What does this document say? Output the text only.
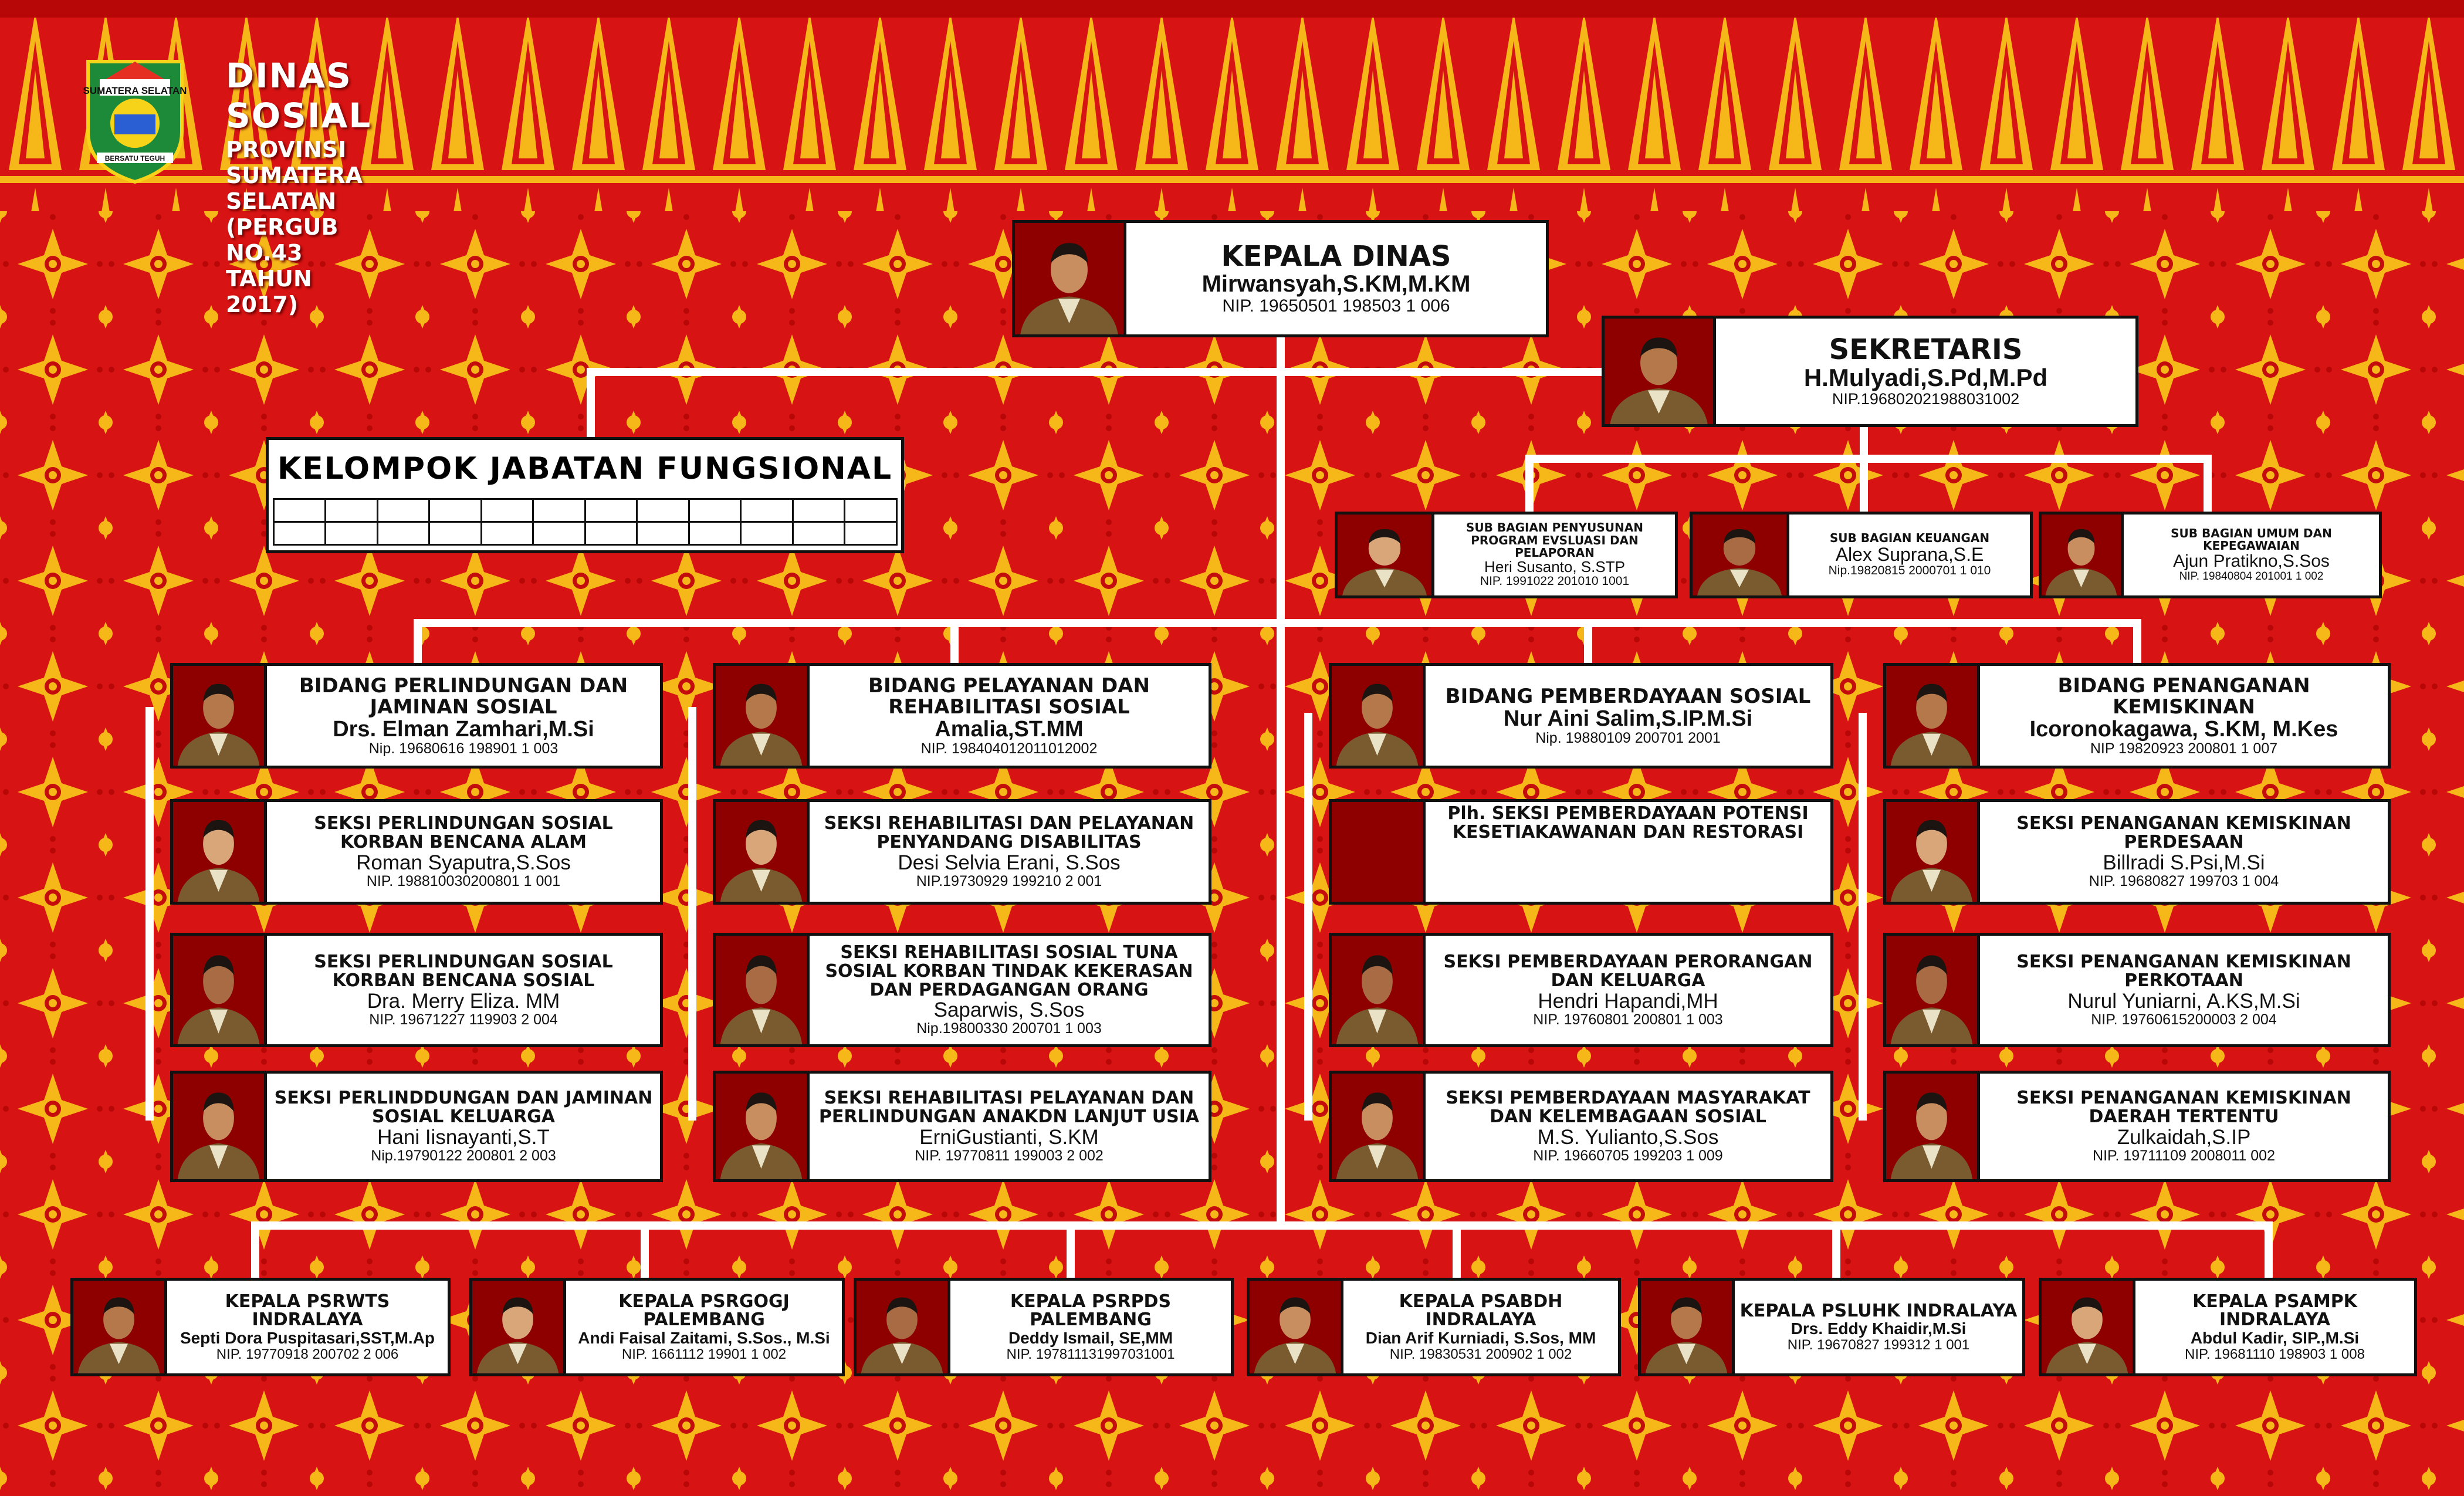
SUMATERA SELATAN
BERSATU TEGUH
DINAS SOSIAL
PROVINSI SUMATERA SELATAN
(PERGUB NO.43 TAHUN 2017)
KELOMPOK JABATAN FUNGSIONAL
KEPALA DINAS
Mirwansyah,S.KM,M.KM
NIP. 19650501 198503 1 006
SEKRETARIS
H.Mulyadi,S.Pd,M.Pd
NIP.196802021988031002
SUB BAGIAN PENYUSUNAN PROGRAM EVSLUASI DAN PELAPORAN
Heri Susanto, S.STP
NIP. 1991022 201010 1001
SUB BAGIAN KEUANGAN
Alex Suprana,S.E
Nip.19820815 2000701 1 010
SUB BAGIAN UMUM DAN KEPEGAWAIAN
Ajun Pratikno,S.Sos
NIP. 19840804 201001 1 002
BIDANG PERLINDUNGAN DAN JAMINAN SOSIAL
Drs. Elman Zamhari,M.Si
Nip. 19680616 198901 1 003
SEKSI PERLINDUNGAN SOSIAL KORBAN BENCANA ALAM
Roman Syaputra,S.Sos
NIP. 198810030200801 1 001
SEKSI PERLINDUNGAN SOSIAL KORBAN BENCANA SOSIAL
Dra. Merry Eliza. MM
NIP. 19671227 119903 2 004
SEKSI PERLINDDUNGAN DAN JAMINAN SOSIAL KELUARGA
Hani Iisnayanti,S.T
Nip.19790122 200801 2 003
BIDANG PELAYANAN DAN REHABILITASI SOSIAL
Amalia,ST.MM
NIP. 198404012011012002
SEKSI REHABILITASI DAN PELAYANAN PENYANDANG DISABILITAS
Desi Selvia Erani, S.Sos
NIP.19730929 199210 2 001
SEKSI REHABILITASI SOSIAL TUNA SOSIAL KORBAN TINDAK KEKERASAN DAN PERDAGANGAN ORANG
Saparwis, S.Sos
Nip.19800330 200701 1 003
SEKSI REHABILITASI PELAYANAN DAN PERLINDUNGAN ANAKDN LANJUT USIA
ErniGustianti, S.KM
NIP. 19770811 199003 2 002
BIDANG PEMBERDAYAAN SOSIAL
Nur Aini Salim,S.IP.M.Si
Nip. 19880109 200701 2001
Plh. SEKSI PEMBERDAYAAN POTENSI KESETIAKAWANAN DAN RESTORASI
SEKSI PEMBERDAYAAN PERORANGAN DAN KELUARGA
Hendri Hapandi,MH
NIP. 19760801 200801 1 003
SEKSI PEMBERDAYAAN MASYARAKAT DAN KELEMBAGAAN SOSIAL
M.S. Yulianto,S.Sos
NIP. 19660705 199203 1 009
BIDANG PENANGANAN KEMISKINAN
Icoronokagawa, S.KM, M.Kes
NIP 19820923 200801 1 007
SEKSI PENANGANAN KEMISKINAN PERDESAAN
Billradi S.Psi,M.Si
NIP. 19680827 199703 1 004
SEKSI PENANGANAN KEMISKINAN PERKOTAAN
Nurul Yuniarni, A.KS,M.Si
NIP. 19760615200003 2 004
SEKSI PENANGANAN KEMISKINAN DAERAH TERTENTU
Zulkaidah,S.IP
NIP. 19711109 2008011 002
KEPALA PSRWTS INDRALAYA
Septi Dora Puspitasari,SST,M.Ap
NIP. 19770918 200702 2 006
KEPALA PSRGOGJ PALEMBANG
Andi Faisal Zaitami, S.Sos., M.Si
NIP. 1661112 19901 1 002
KEPALA PSRPDS PALEMBANG
Deddy Ismail, SE,MM
NIP. 197811131997031001
KEPALA PSABDH INDRALAYA
Dian Arif Kurniadi, S.Sos, MM
NIP. 19830531 200902 1 002
KEPALA PSLUHK INDRALAYA
Drs. Eddy Khaidir,M.Si
NIP. 19670827 199312 1 001
KEPALA PSAMPK INDRALAYA
Abdul Kadir, SIP.,M.Si
NIP. 19681110 198903 1 008
